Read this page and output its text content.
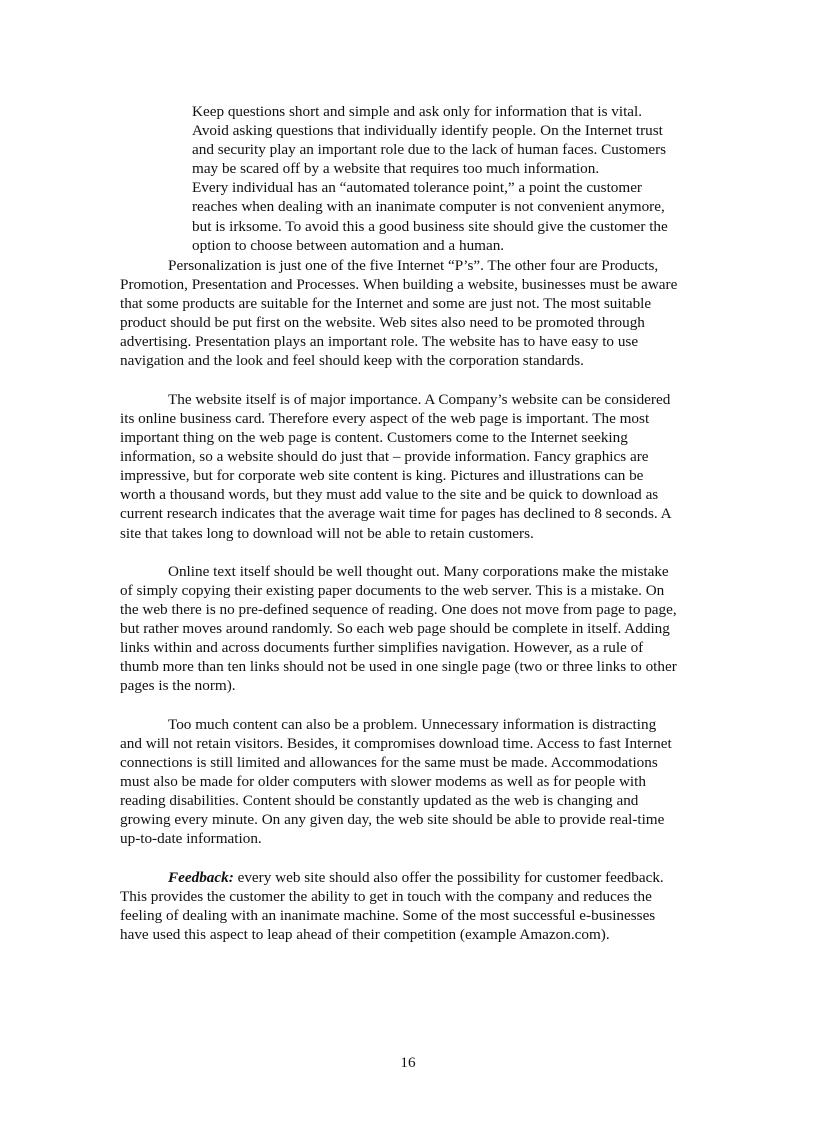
Keep questions short and simple and ask only for information that is vital.

Avoid asking questions that individually identify people. On the Internet trust and security play an important role due to the lack of human faces. Customers may be scared off by a website that requires too much information.

Every individual has an “automated tolerance point,” a point the customer reaches when dealing with an inanimate computer is not convenient anymore, but is irksome. To avoid this a good business site should give the customer the option to choose between automation and a human.

Personalization is just one of the five Internet “P’s”. The other four are Products, Promotion, Presentation and Processes. When building a website, businesses must be aware that some products are suitable for the Internet and some are just not. The most suitable product should be put first on the website. Web sites also need to be promoted through advertising. Presentation plays an important role. The website has to have easy to use navigation and the look and feel should keep with the corporation standards.

The website itself is of major importance. A Company’s website can be considered its online business card. Therefore every aspect of the web page is important. The most important thing on the web page is content. Customers come to the Internet seeking information, so a website should do just that – provide information. Fancy graphics are impressive, but for corporate web site content is king. Pictures and illustrations can be worth a thousand words, but they must add value to the site and be quick to download as current research indicates that the average wait time for pages has declined to 8 seconds. A site that takes long to download will not be able to retain customers.

Online text itself should be well thought out. Many corporations make the mistake of simply copying their existing paper documents to the web server. This is a mistake. On the web there is no pre-defined sequence of reading. One does not move from page to page, but rather moves around randomly. So each web page should be complete in itself. Adding links within and across documents further simplifies navigation. However, as a rule of thumb more than ten links should not be used in one single page (two or three links to other pages is the norm).

Too much content can also be a problem. Unnecessary information is distracting and will not retain visitors. Besides, it compromises download time. Access to fast Internet connections is still limited and allowances for the same must be made. Accommodations must also be made for older computers with slower modems as well as for people with reading disabilities. Content should be constantly updated as the web is changing and growing every minute. On any given day, the web site should be able to provide real-time up-to-date information.

Feedback: every web site should also offer the possibility for customer feedback. This provides the customer the ability to get in touch with the company and reduces the feeling of dealing with an inanimate machine. Some of the most successful e-businesses have used this aspect to leap ahead of their competition (example Amazon.com).

16
